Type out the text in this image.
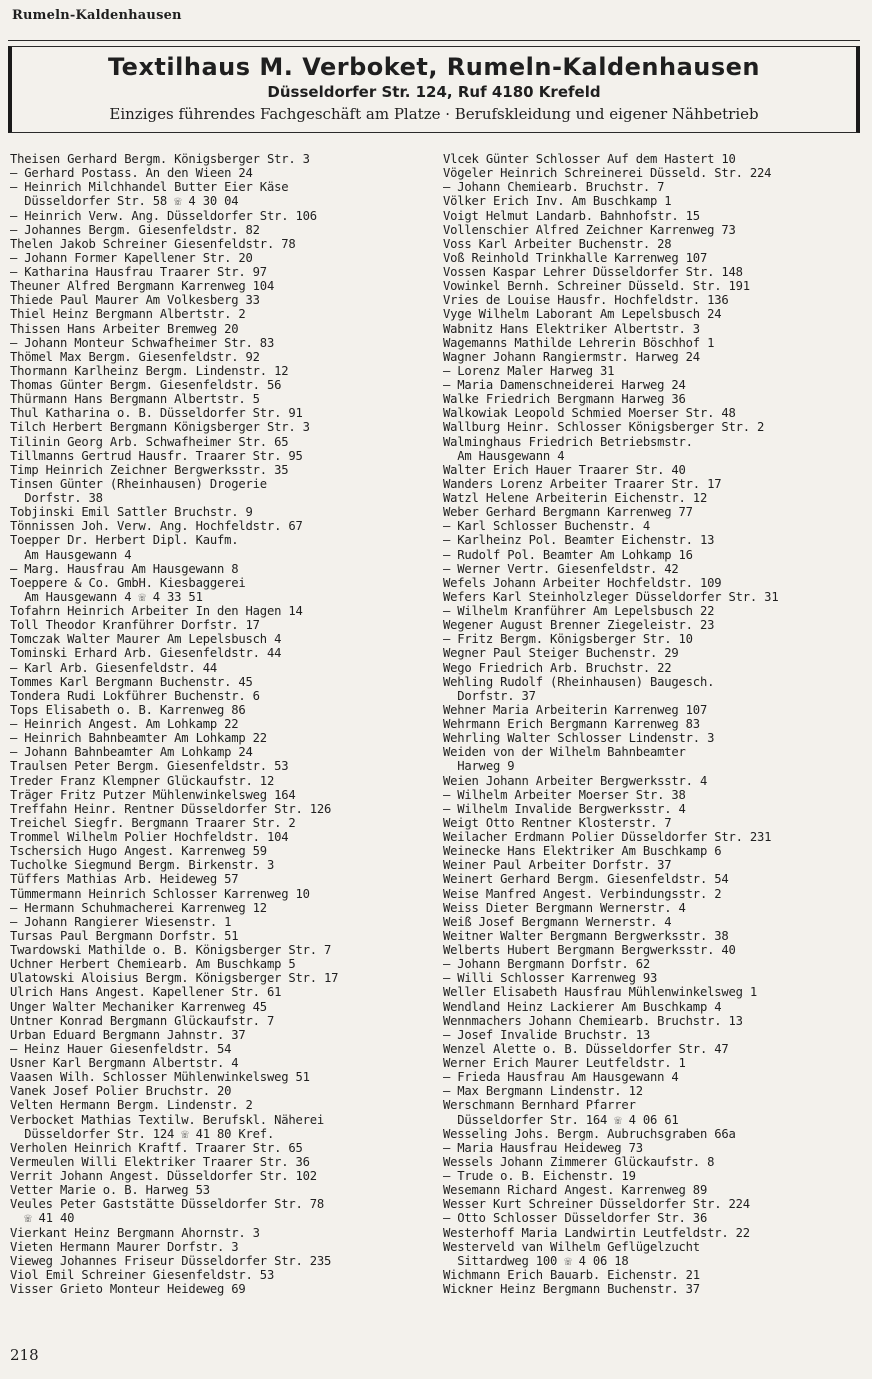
Rumeln-Kaldenhausen
Textilhaus M. Verboket, Rumeln-Kaldenhausen
Düsseldorfer Str. 124, Ruf 4180 Krefeld
Einziges führendes Fachgeschäft am Platze · Berufskleidung und eigener Nähbetrieb
Theisen Gerhard Bergm. Königsberger Str. 3
— Gerhard Postass. An den Wieen 24
— Heinrich Milchhandel Butter Eier Käse
Düsseldorfer Str. 58 ☏ 4 30 04
— Heinrich Verw. Ang. Düsseldorfer Str. 106
— Johannes Bergm. Giesenfeldstr. 82
Thelen Jakob Schreiner Giesenfeldstr. 78
— Johann Former Kapellener Str. 20
— Katharina Hausfrau Traarer Str. 97
Theuner Alfred Bergmann Karrenweg 104
Thiede Paul Maurer Am Volkesberg 33
Thiel Heinz Bergmann Albertstr. 2
Thissen Hans Arbeiter Bremweg 20
— Johann Monteur Schwafheimer Str. 83
Thömel Max Bergm. Giesenfeldstr. 92
Thormann Karlheinz Bergm. Lindenstr. 12
Thomas Günter Bergm. Giesenfeldstr. 56
Thürmann Hans Bergmann Albertstr. 5
Thul Katharina o. B. Düsseldorfer Str. 91
Tilch Herbert Bergmann Königsberger Str. 3
Tilinin Georg Arb. Schwafheimer Str. 65
Tillmanns Gertrud Hausfr. Traarer Str. 95
Timp Heinrich Zeichner Bergwerksstr. 35
Tinsen Günter (Rheinhausen) Drogerie
Dorfstr. 38
Tobjinski Emil Sattler Bruchstr. 9
Tönnissen Joh. Verw. Ang. Hochfeldstr. 67
Toepper Dr. Herbert Dipl. Kaufm.
Am Hausgewann 4
— Marg. Hausfrau Am Hausgewann 8
Toeppere & Co. GmbH. Kiesbaggerei
Am Hausgewann 4 ☏ 4 33 51
Tofahrn Heinrich Arbeiter In den Hagen 14
Toll Theodor Kranführer Dorfstr. 17
Tomczak Walter Maurer Am Lepelsbusch 4
Tominski Erhard Arb. Giesenfeldstr. 44
— Karl Arb. Giesenfeldstr. 44
Tommes Karl Bergmann Buchenstr. 45
Tondera Rudi Lokführer Buchenstr. 6
Tops Elisabeth o. B. Karrenweg 86
— Heinrich Angest. Am Lohkamp 22
— Heinrich Bahnbeamter Am Lohkamp 22
— Johann Bahnbeamter Am Lohkamp 24
Traulsen Peter Bergm. Giesenfeldstr. 53
Treder Franz Klempner Glückaufstr. 12
Träger Fritz Putzer Mühlenwinkelsweg 164
Treffahn Heinr. Rentner Düsseldorfer Str. 126
Treichel Siegfr. Bergmann Traarer Str. 2
Trommel Wilhelm Polier Hochfeldstr. 104
Tschersich Hugo Angest. Karrenweg 59
Tucholke Siegmund Bergm. Birkenstr. 3
Tüffers Mathias Arb. Heideweg 57
Tümmermann Heinrich Schlosser Karrenweg 10
— Hermann Schuhmacherei Karrenweg 12
— Johann Rangierer Wiesenstr. 1
Tursas Paul Bergmann Dorfstr. 51
Twardowski Mathilde o. B. Königsberger Str. 7
Uchner Herbert Chemiearb. Am Buschkamp 5
Ulatowski Aloisius Bergm. Königsberger Str. 17
Ulrich Hans Angest. Kapellener Str. 61
Unger Walter Mechaniker Karrenweg 45
Untner Konrad Bergmann Glückaufstr. 7
Urban Eduard Bergmann Jahnstr. 37
— Heinz Hauer Giesenfeldstr. 54
Usner Karl Bergmann Albertstr. 4
Vaasen Wilh. Schlosser Mühlenwinkelsweg 51
Vanek Josef Polier Bruchstr. 20
Velten Hermann Bergm. Lindenstr. 2
Verbocket Mathias Textilw. Berufskl. Näherei
Düsseldorfer Str. 124 ☏ 41 80 Kref.
Verholen Heinrich Kraftf. Traarer Str. 65
Vermeulen Willi Elektriker Traarer Str. 36
Verrit Johann Angest. Düsseldorfer Str. 102
Vetter Marie o. B. Harweg 53
Veules Peter Gaststätte Düsseldorfer Str. 78
☏ 41 40
Vierkant Heinz Bergmann Ahornstr. 3
Vieten Hermann Maurer Dorfstr. 3
Vieweg Johannes Friseur Düsseldorfer Str. 235
Viol Emil Schreiner Giesenfeldstr. 53
Visser Grieto Monteur Heideweg 69
Vlcek Günter Schlosser Auf dem Hastert 10
Vögeler Heinrich Schreinerei Düsseld. Str. 224
— Johann Chemiearb. Bruchstr. 7
Völker Erich Inv. Am Buschkamp 1
Voigt Helmut Landarb. Bahnhofstr. 15
Vollenschier Alfred Zeichner Karrenweg 73
Voss Karl Arbeiter Buchenstr. 28
Voß Reinhold Trinkhalle Karrenweg 107
Vossen Kaspar Lehrer Düsseldorfer Str. 148
Vowinkel Bernh. Schreiner Düsseld. Str. 191
Vries de Louise Hausfr. Hochfeldstr. 136
Vyge Wilhelm Laborant Am Lepelsbusch 24
Wabnitz Hans Elektriker Albertstr. 3
Wagemanns Mathilde Lehrerin Böschhof 1
Wagner Johann Rangiermstr. Harweg 24
— Lorenz Maler Harweg 31
— Maria Damenschneiderei Harweg 24
Walke Friedrich Bergmann Harweg 36
Walkowiak Leopold Schmied Moerser Str. 48
Wallburg Heinr. Schlosser Königsberger Str. 2
Walminghaus Friedrich Betriebsmstr.
Am Hausgewann 4
Walter Erich Hauer Traarer Str. 40
Wanders Lorenz Arbeiter Traarer Str. 17
Watzl Helene Arbeiterin Eichenstr. 12
Weber Gerhard Bergmann Karrenweg 77
— Karl Schlosser Buchenstr. 4
— Karlheinz Pol. Beamter Eichenstr. 13
— Rudolf Pol. Beamter Am Lohkamp 16
— Werner Vertr. Giesenfeldstr. 42
Wefels Johann Arbeiter Hochfeldstr. 109
Wefers Karl Steinholzleger Düsseldorfer Str. 31
— Wilhelm Kranführer Am Lepelsbusch 22
Wegener August Brenner Ziegeleistr. 23
— Fritz Bergm. Königsberger Str. 10
Wegner Paul Steiger Buchenstr. 29
Wego Friedrich Arb. Bruchstr. 22
Wehling Rudolf (Rheinhausen) Baugesch.
Dorfstr. 37
Wehner Maria Arbeiterin Karrenweg 107
Wehrmann Erich Bergmann Karrenweg 83
Wehrling Walter Schlosser Lindenstr. 3
Weiden von der Wilhelm Bahnbeamter
Harweg 9
Weien Johann Arbeiter Bergwerksstr. 4
— Wilhelm Arbeiter Moerser Str. 38
— Wilhelm Invalide Bergwerksstr. 4
Weigt Otto Rentner Klosterstr. 7
Weilacher Erdmann Polier Düsseldorfer Str. 231
Weinecke Hans Elektriker Am Buschkamp 6
Weiner Paul Arbeiter Dorfstr. 37
Weinert Gerhard Bergm. Giesenfeldstr. 54
Weise Manfred Angest. Verbindungsstr. 2
Weiss Dieter Bergmann Wernerstr. 4
Weiß Josef Bergmann Wernerstr. 4
Weitner Walter Bergmann Bergwerksstr. 38
Welberts Hubert Bergmann Bergwerksstr. 40
— Johann Bergmann Dorfstr. 62
— Willi Schlosser Karrenweg 93
Weller Elisabeth Hausfrau Mühlenwinkelsweg 1
Wendland Heinz Lackierer Am Buschkamp 4
Wennmachers Johann Chemiearb. Bruchstr. 13
— Josef Invalide Bruchstr. 13
Wenzel Alette o. B. Düsseldorfer Str. 47
Werner Erich Maurer Leutfeldstr. 1
— Frieda Hausfrau Am Hausgewann 4
— Max Bergmann Lindenstr. 12
Werschmann Bernhard Pfarrer
Düsseldorfer Str. 164 ☏ 4 06 61
Wesseling Johs. Bergm. Aubruchsgraben 66a
— Maria Hausfrau Heideweg 73
Wessels Johann Zimmerer Glückaufstr. 8
— Trude o. B. Eichenstr. 19
Wesemann Richard Angest. Karrenweg 89
Wesser Kurt Schreiner Düsseldorfer Str. 224
— Otto Schlosser Düsseldorfer Str. 36
Westerhoff Maria Landwirtin Leutfeldstr. 22
Westerveld van Wilhelm Geflügelzucht
Sittardweg 100 ☏ 4 06 18
Wichmann Erich Bauarb. Eichenstr. 21
Wickner Heinz Bergmann Buchenstr. 37
218
